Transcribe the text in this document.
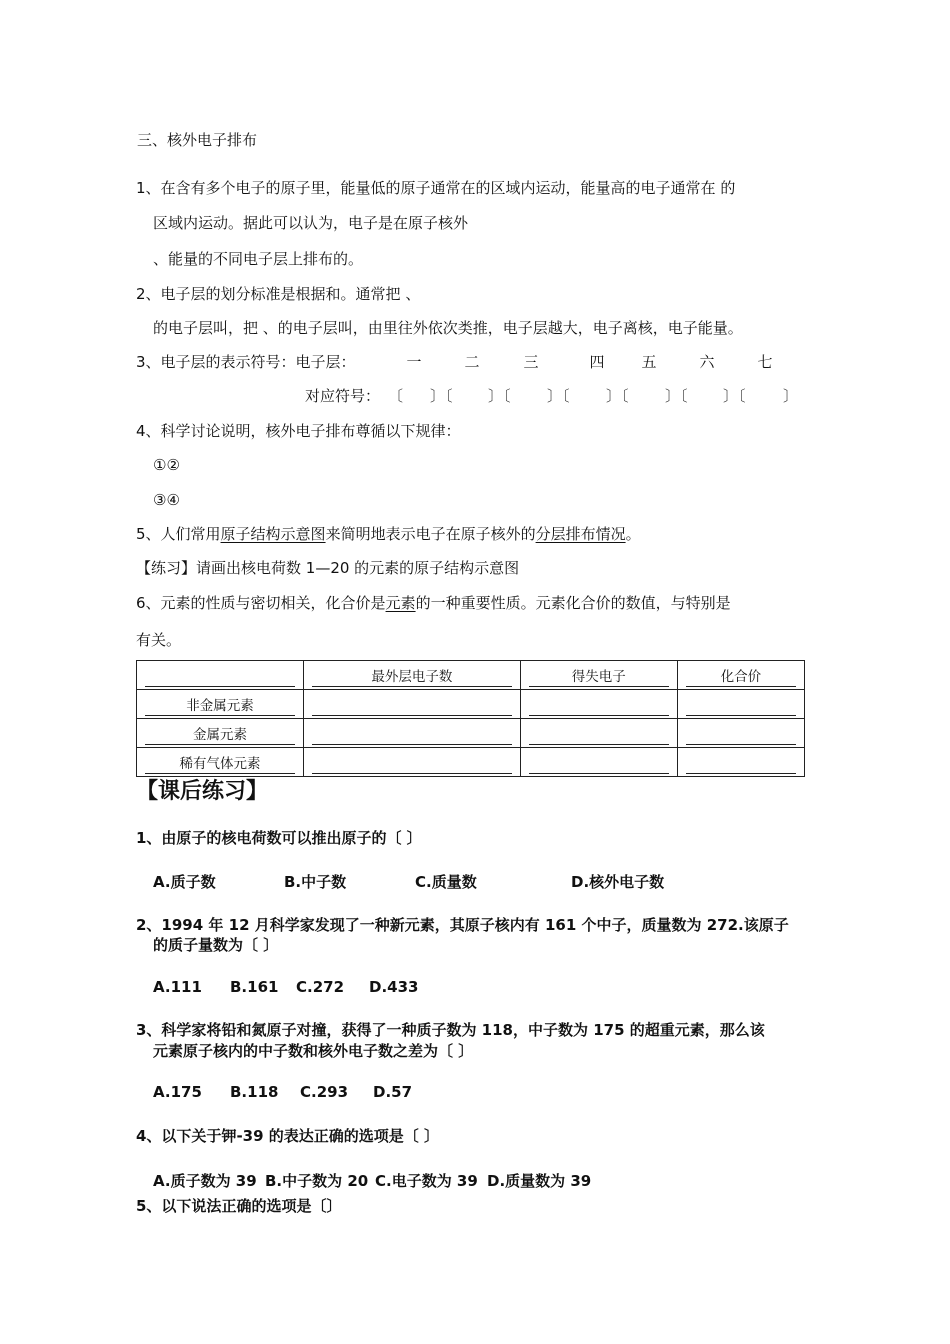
三、核外电子排布
1、在含有多个电子的原子里，能量低的原子通常在的区域内运动，能量高的电子通常在 的
区域内运动。据此可以认为，电子是在原子核外
、能量的不同电子层上排布的。
2、电子层的划分标准是根据和。通常把 、
的电子层叫，把 、的电子层叫，由里往外依次类推，电子层越大，电子离核，电子能量。
3、电子层的表示符号：电子层：	一	二	三	四	五	六	七
对应符号： 〔 〕〔 〕〔 〕〔 〕〔 〕〔 〕〔 〕
4、科学讨论说明，核外电子排布尊循以下规律：
①②
③④
5、人们常用原子结构示意图来简明地表示电子在原子核外的分层排布情况。
【练习】请画出核电荷数 1—20 的元素的原子结构示意图
6、元素的性质与密切相关，化合价是元素的一种重要性质。元素化合价的数值，与特别是
有关。

	最外层电子数	得失电子	化合价

非金属元素			

金属元素			

稀有气体元素			

【课后练习】
1、由原子的核电荷数可以推出原子的〔 〕
A.质子数	B.中子数	C.质量数	D.核外电子数
2、1994 年 12 月科学家发现了一种新元素，其原子核内有 161 个中子，质量数为 272.该原子
的质子量数为〔 〕
A.111 B.161 C.272 D.433
3、科学家将铅和氮原子对撞，获得了一种质子数为 118，中子数为 175 的超重元素，那么该
元素原子核内的中子数和核外电子数之差为〔 〕
A.175 B.118 C.293 D.57
4、以下关于钾-39 的表达正确的选项是〔 〕
A.质子数为 39 B.中子数为 20 C.电子数为 39 D.质量数为 39
5、以下说法正确的选项是〔〕
